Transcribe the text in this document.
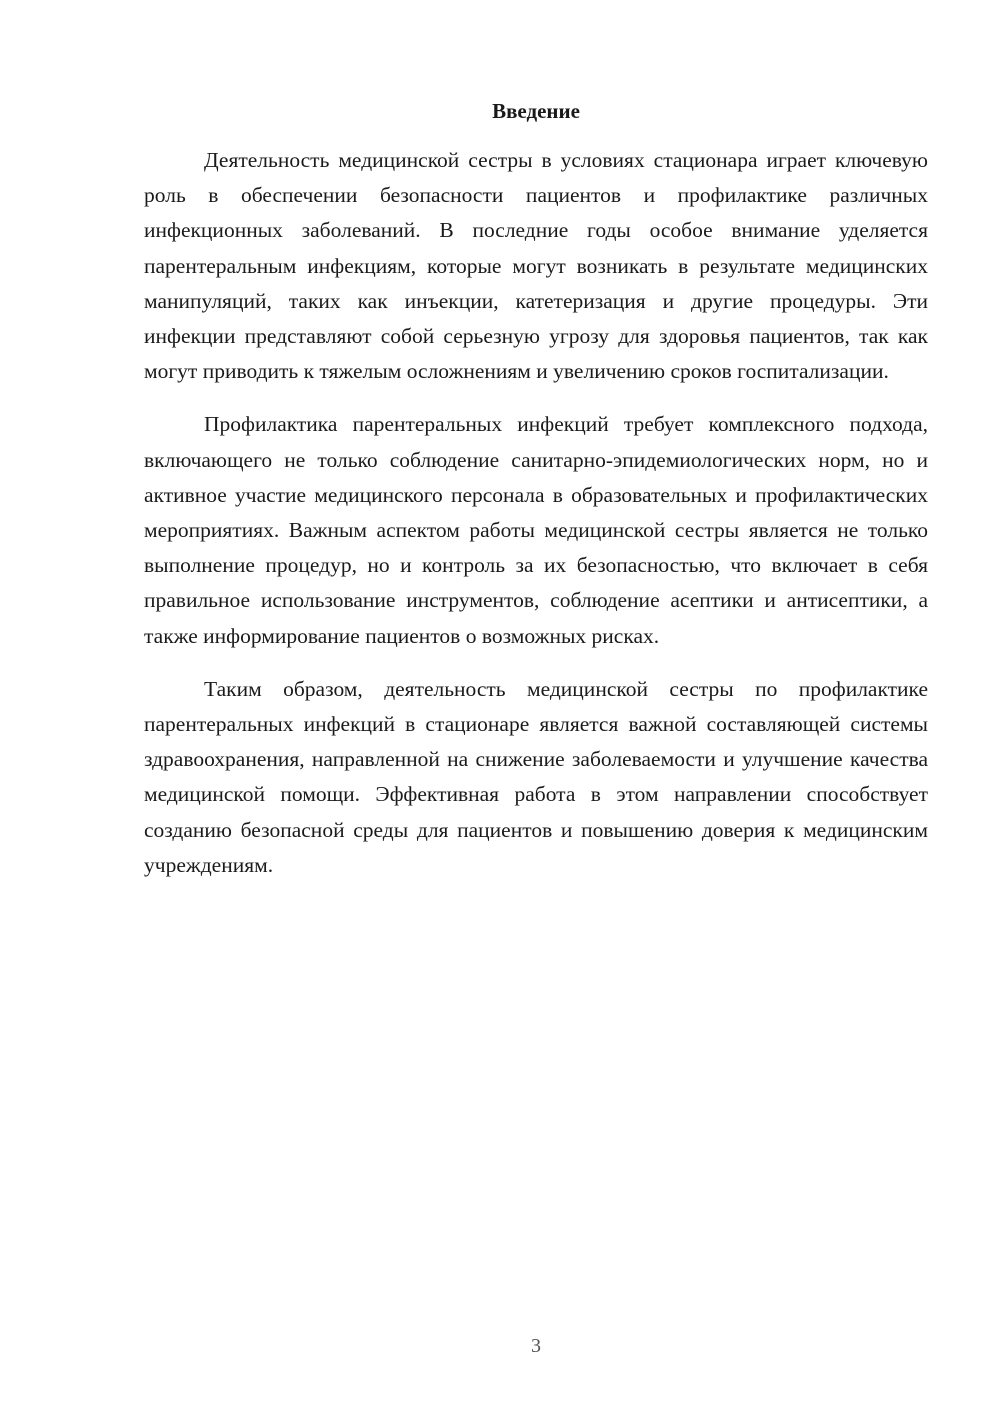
Введение

Деятельность медицинской сестры в условиях стационара играет ключевую роль в обеспечении безопасности пациентов и профилактике различных инфекционных заболеваний. В последние годы особое внимание уделяется парентеральным инфекциям, которые могут возникать в результате медицинских манипуляций, таких как инъекции, катетеризация и другие процедуры. Эти инфекции представляют собой серьезную угрозу для здоровья пациентов, так как могут приводить к тяжелым осложнениям и увеличению сроков госпитализации.

Профилактика парентеральных инфекций требует комплексного подхода, включающего не только соблюдение санитарно-эпидемиологических норм, но и активное участие медицинского персонала в образовательных и профилактических мероприятиях. Важным аспектом работы медицинской сестры является не только выполнение процедур, но и контроль за их безопасностью, что включает в себя правильное использование инструментов, соблюдение асептики и антисептики, а также информирование пациентов о возможных рисках.

Таким образом, деятельность медицинской сестры по профилактике парентеральных инфекций в стационаре является важной составляющей системы здравоохранения, направленной на снижение заболеваемости и улучшение качества медицинской помощи. Эффективная работа в этом направлении способствует созданию безопасной среды для пациентов и повышению доверия к медицинским учреждениям.

3
